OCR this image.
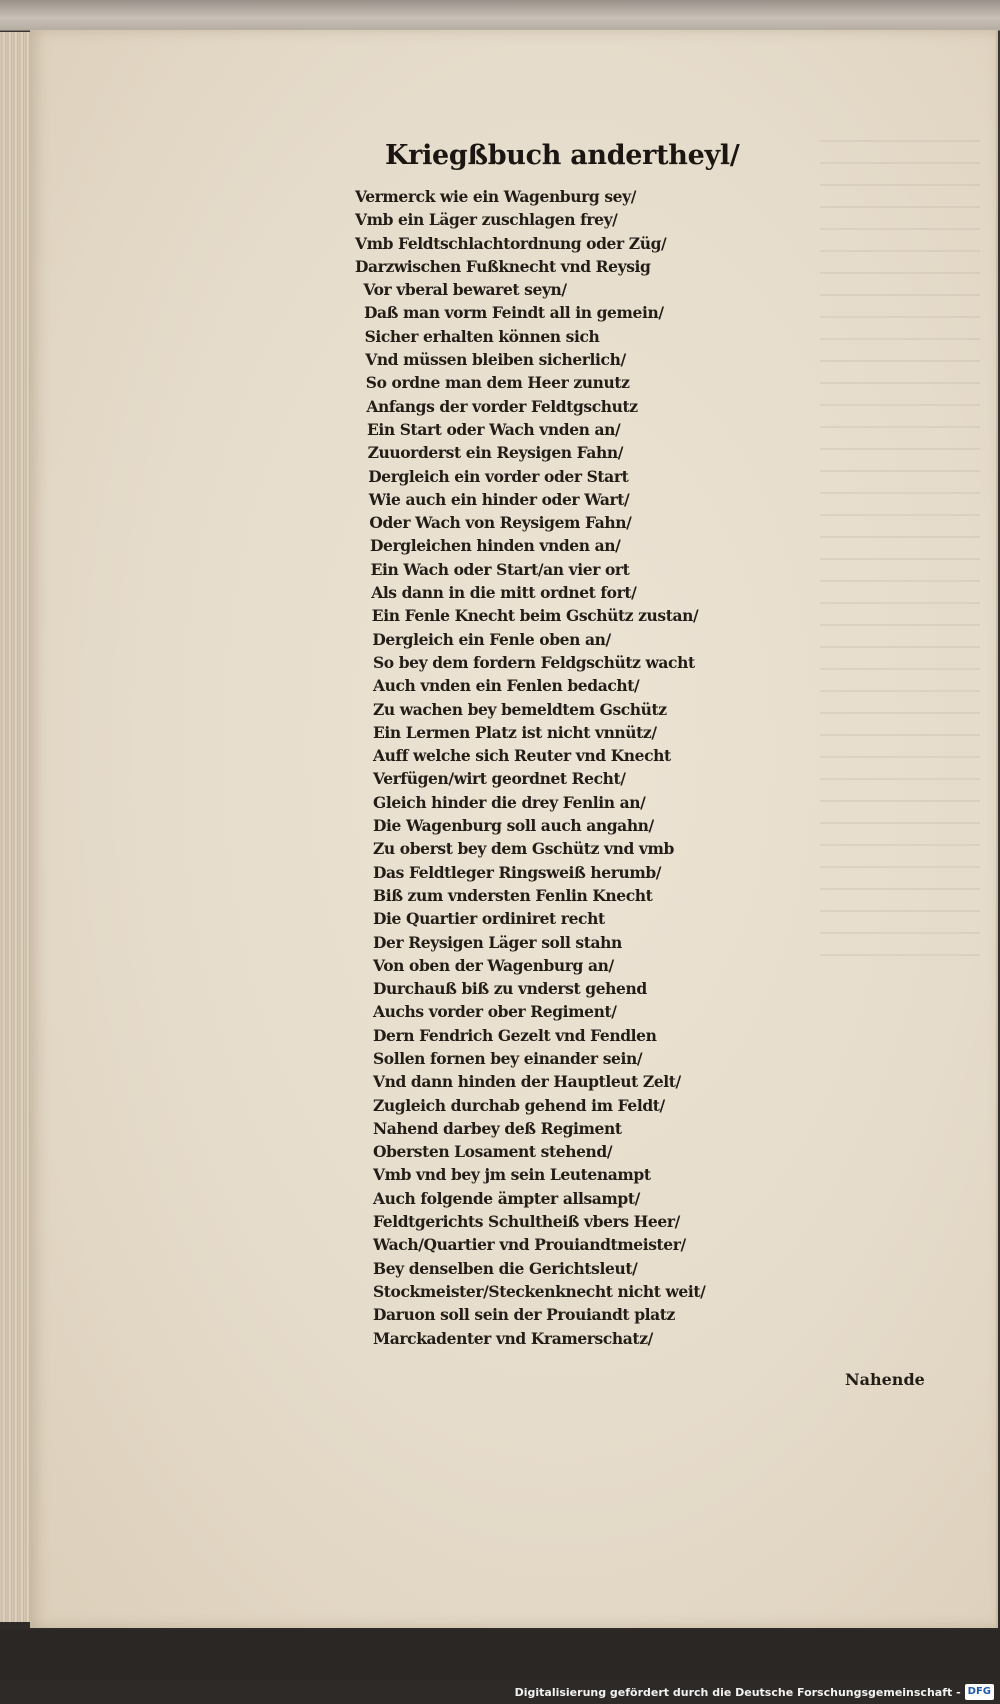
Kriegßbuch andertheyl/
Vermerck wie ein Wagenburg sey/
Vmb ein Läger zuschlagen frey/
Vmb Feldtschlachtordnung oder Züg/
Darzwischen Fußknecht vnd Reysig
Vor vberal bewaret seyn/
Daß man vorm Feindt all in gemein/
Sicher erhalten können sich
Vnd müssen bleiben sicherlich/
So ordne man dem Heer zunutz
Anfangs der vorder Feldtgschutz
Ein Start oder Wach vnden an/
Zuuorderst ein Reysigen Fahn/
Dergleich ein vorder oder Start
Wie auch ein hinder oder Wart/
Oder Wach von Reysigem Fahn/
Dergleichen hinden vnden an/
Ein Wach oder Start/an vier ort
Als dann in die mitt ordnet fort/
Ein Fenle Knecht beim Gschütz zustan/
Dergleich ein Fenle oben an/
So bey dem fordern Feldgschütz wacht
Auch vnden ein Fenlen bedacht/
Zu wachen bey bemeldtem Gschütz
Ein Lermen Platz ist nicht vnnütz/
Auff welche sich Reuter vnd Knecht
Verfügen/wirt geordnet Recht/
Gleich hinder die drey Fenlin an/
Die Wagenburg soll auch angahn/
Zu oberst bey dem Gschütz vnd vmb
Das Feldtleger Ringsweiß herumb/
Biß zum vndersten Fenlin Knecht
Die Quartier ordiniret recht
Der Reysigen Läger soll stahn
Von oben der Wagenburg an/
Durchauß biß zu vnderst gehend
Auchs vorder ober Regiment/
Dern Fendrich Gezelt vnd Fendlen
Sollen fornen bey einander sein/
Vnd dann hinden der Hauptleut Zelt/
Zugleich durchab gehend im Feldt/
Nahend darbey deß Regiment
Obersten Losament stehend/
Vmb vnd bey jm sein Leutenampt
Auch folgende ämpter allsampt/
Feldtgerichts Schultheiß vbers Heer/
Wach/Quartier vnd Prouiandtmeister/
Bey denselben die Gerichtsleut/
Stockmeister/Steckenknecht nicht weit/
Daruon soll sein der Prouiandt platz
Marckadenter vnd Kramerschatz/
Nahende
Digitalisierung gefördert durch die Deutsche Forschungsgemeinschaft - DFG
